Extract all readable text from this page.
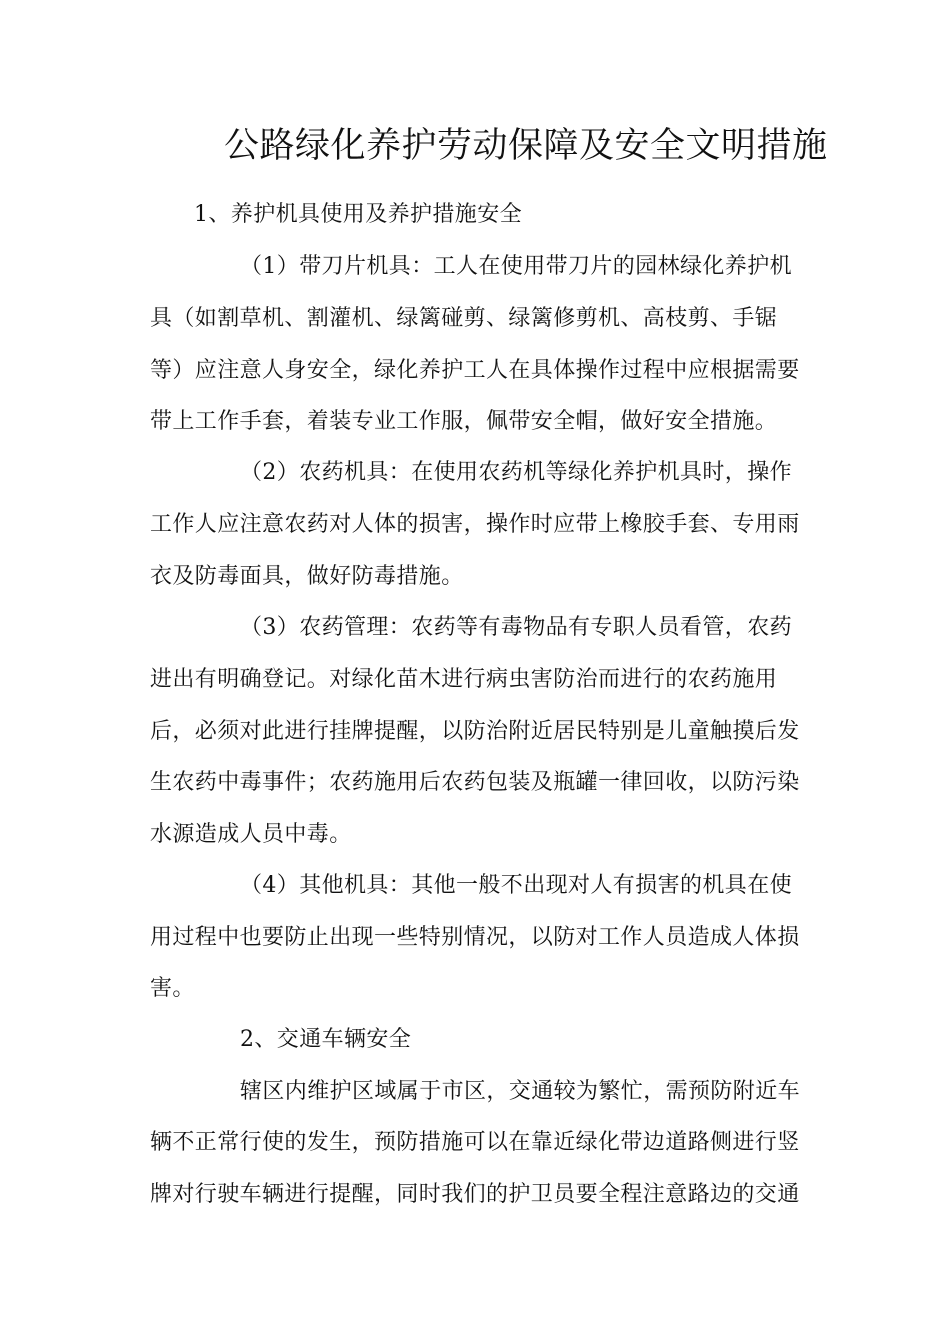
公路绿化养护劳动保障及安全文明措施
1、养护机具使用及养护措施安全
（1）带刀片机具：工人在使用带刀片的园林绿化养护机
具（如割草机、割灌机、绿篱碰剪、绿篱修剪机、高枝剪、手锯
等）应注意人身安全，绿化养护工人在具体操作过程中应根据需要
带上工作手套，着装专业工作服，佩带安全帽，做好安全措施。
（2）农药机具：在使用农药机等绿化养护机具时，操作
工作人应注意农药对人体的损害，操作时应带上橡胶手套、专用雨
衣及防毒面具，做好防毒措施。
（3）农药管理：农药等有毒物品有专职人员看管，农药
进出有明确登记。对绿化苗木进行病虫害防治而进行的农药施用
后，必须对此进行挂牌提醒，以防治附近居民特别是儿童触摸后发
生农药中毒事件；农药施用后农药包装及瓶罐一律回收，以防污染
水源造成人员中毒。
（4）其他机具：其他一般不出现对人有损害的机具在使
用过程中也要防止出现一些特别情况，以防对工作人员造成人体损
害。
2、交通车辆安全
辖区内维护区域属于市区，交通较为繁忙，需预防附近车
辆不正常行使的发生，预防措施可以在靠近绿化带边道路侧进行竖
牌对行驶车辆进行提醒，同时我们的护卫员要全程注意路边的交通
